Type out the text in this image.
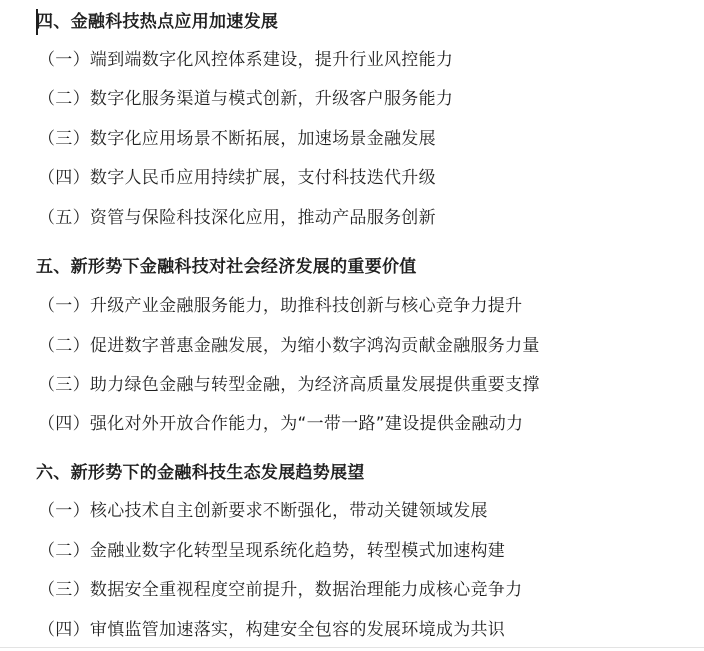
四、金融科技热点应用加速发展
（一）端到端数字化风控体系建设，提升行业风控能力
（二）数字化服务渠道与模式创新，升级客户服务能力
（三）数字化应用场景不断拓展，加速场景金融发展
（四）数字人民币应用持续扩展，支付科技迭代升级
（五）资管与保险科技深化应用，推动产品服务创新
五、新形势下金融科技对社会经济发展的重要价值
（一）升级产业金融服务能力，助推科技创新与核心竞争力提升
（二）促进数字普惠金融发展，为缩小数字鸿沟贡献金融服务力量
（三）助力绿色金融与转型金融，为经济高质量发展提供重要支撑
（四）强化对外开放合作能力，为“一带一路”建设提供金融动力
六、新形势下的金融科技生态发展趋势展望
（一）核心技术自主创新要求不断强化，带动关键领域发展
（二）金融业数字化转型呈现系统化趋势，转型模式加速构建
（三）数据安全重视程度空前提升，数据治理能力成核心竞争力
（四）审慎监管加速落实，构建安全包容的发展环境成为共识
